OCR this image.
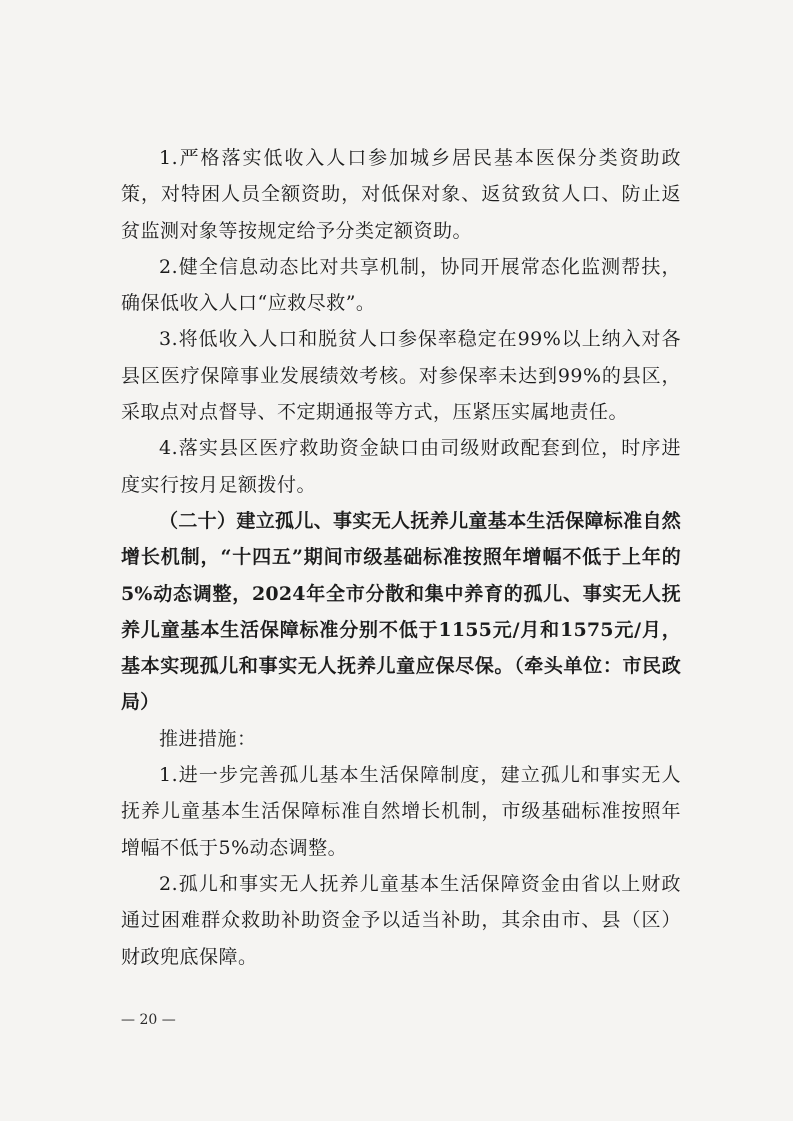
1.严格落实低收入人口参加城乡居民基本医保分类资助政策，对特困人员全额资助，对低保对象、返贫致贫人口、防止返贫监测对象等按规定给予分类定额资助。

2.健全信息动态比对共享机制，协同开展常态化监测帮扶，确保低收入人口“应救尽救”。

3.将低收入人口和脱贫人口参保率稳定在99%以上纳入对各县区医疗保障事业发展绩效考核。对参保率未达到99%的县区，采取点对点督导、不定期通报等方式，压紧压实属地责任。

4.落实县区医疗救助资金缺口由司级财政配套到位，时序进度实行按月足额拨付。

（二十）建立孤儿、事实无人抚养儿童基本生活保障标准自然增长机制，“十四五”期间市级基础标准按照年增幅不低于上年的5%动态调整，2024年全市分散和集中养育的孤儿、事实无人抚养儿童基本生活保障标准分别不低于1155元/月和1575元/月，基本实现孤儿和事实无人抚养儿童应保尽保。（牵头单位：市民政局）

推进措施：

1.进一步完善孤儿基本生活保障制度，建立孤儿和事实无人抚养儿童基本生活保障标准自然增长机制，市级基础标准按照年增幅不低于5%动态调整。

2.孤儿和事实无人抚养儿童基本生活保障资金由省以上财政通过困难群众救助补助资金予以适当补助，其余由市、县（区）财政兜底保障。

— 20 —
